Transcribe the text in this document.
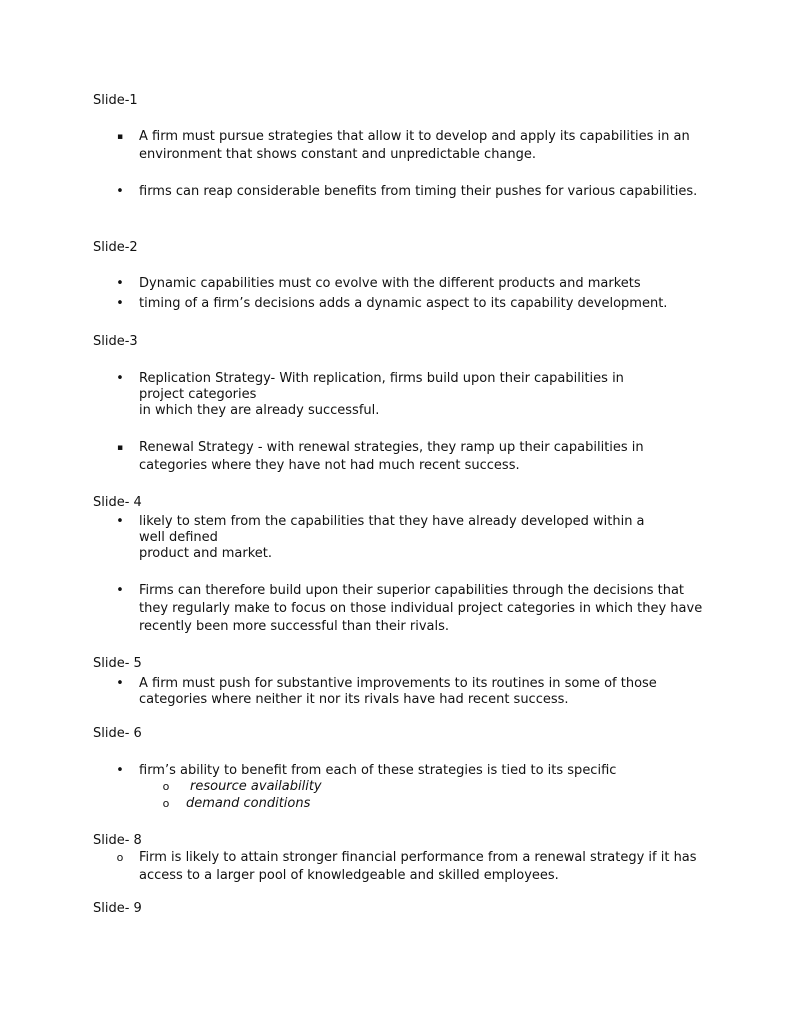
Slide-1

▪ A firm must pursue strategies that allow it to develop and apply its capabilities in an environment that shows constant and unpredictable change.
• firms can reap considerable benefits from timing their pushes for various capabilities.

Slide-2

• Dynamic capabilities must co evolve with the different products and markets
• timing of a firm’s decisions adds a dynamic aspect to its capability development.

Slide-3

• Replication Strategy- With replication, firms build upon their capabilities in
project categories
in which they are already successful.
▪ Renewal Strategy - with renewal strategies, they ramp up their capabilities in categories where they have not had much recent success.

Slide- 4

• likely to stem from the capabilities that they have already developed within a
well defined
product and market.
• Firms can therefore build upon their superior capabilities through the decisions that they regularly make to focus on those individual project categories in which they have recently been more successful than their rivals.

Slide- 5

• A firm must push for substantive improvements to its routines in some of those categories where neither it nor its rivals have had recent success.

Slide- 6

• firm’s ability to benefit from each of these strategies is tied to its specific
o resource availability
o demand conditions

Slide- 8

o Firm is likely to attain stronger financial performance from a renewal strategy if it has access to a larger pool of knowledgeable and skilled employees.

Slide- 9
